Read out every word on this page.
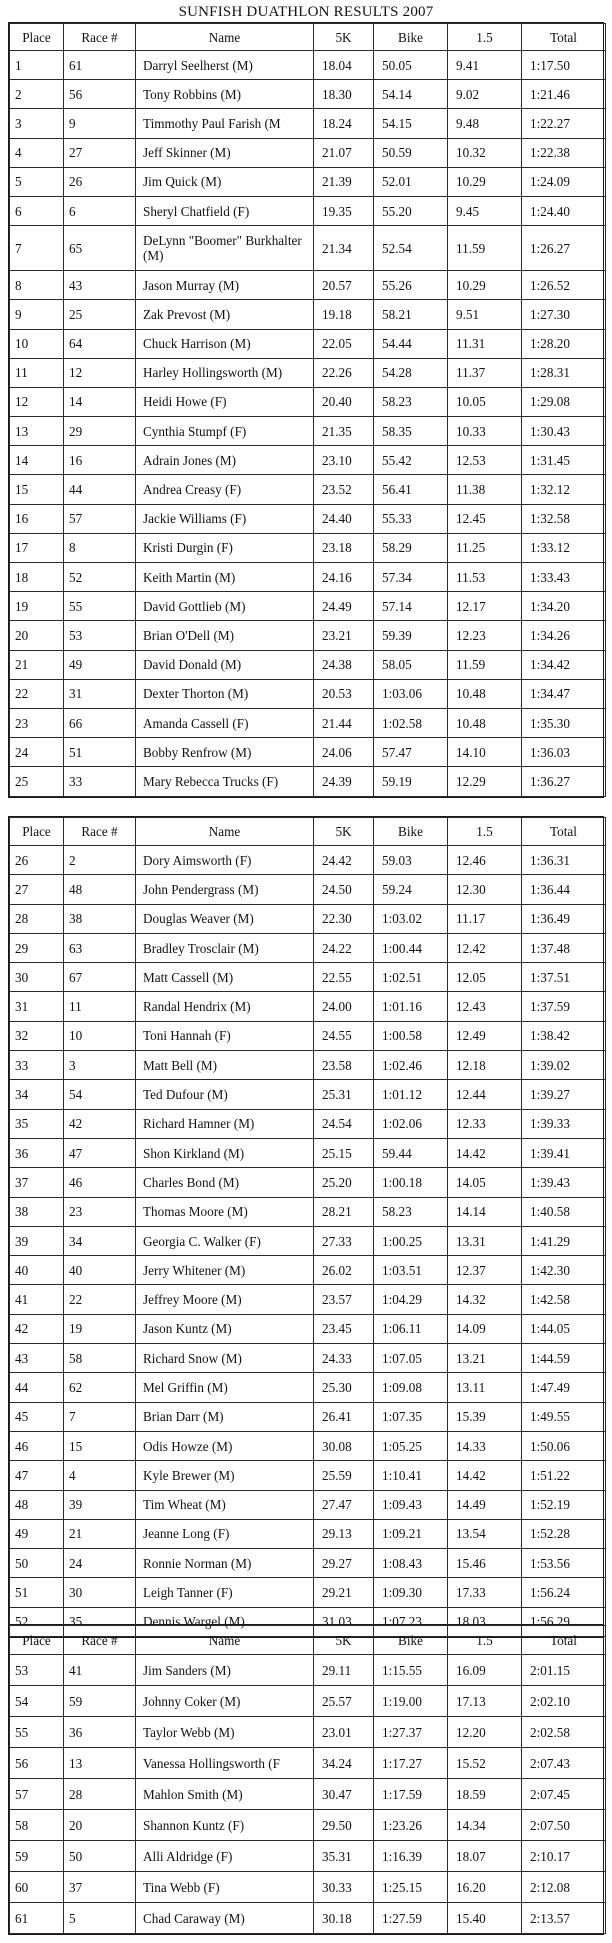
SUNFISH DUATHLON RESULTS 2007
Place	Race #	Name	5K	Bike	1.5	Total
1	61	Darryl Seelherst (M)	18.04	50.05	9.41	1:17.50
2	56	Tony Robbins (M)	18.30	54.14	9.02	1:21.46
3	9	Timmothy Paul Farish (M	18.24	54.15	9.48	1:22.27
4	27	Jeff Skinner (M)	21.07	50.59	10.32	1:22.38
5	26	Jim Quick (M)	21.39	52.01	10.29	1:24.09
6	6	Sheryl Chatfield (F)	19.35	55.20	9.45	1:24.40
7	65	DeLynn "Boomer" Burkhalter (M)	21.34	52.54	11.59	1:26.27
8	43	Jason Murray (M)	20.57	55.26	10.29	1:26.52
9	25	Zak Prevost (M)	19.18	58.21	9.51	1:27.30
10	64	Chuck Harrison (M)	22.05	54.44	11.31	1:28.20
11	12	Harley Hollingsworth (M)	22.26	54.28	11.37	1:28.31
12	14	Heidi Howe (F)	20.40	58.23	10.05	1:29.08
13	29	Cynthia Stumpf (F)	21.35	58.35	10.33	1:30.43
14	16	Adrain Jones (M)	23.10	55.42	12.53	1:31.45
15	44	Andrea Creasy (F)	23.52	56.41	11.38	1:32.12
16	57	Jackie Williams (F)	24.40	55.33	12.45	1:32.58
17	8	Kristi Durgin (F)	23.18	58.29	11.25	1:33.12
18	52	Keith Martin (M)	24.16	57.34	11.53	1:33.43
19	55	David Gottlieb (M)	24.49	57.14	12.17	1:34.20
20	53	Brian O'Dell (M)	23.21	59.39	12.23	1:34.26
21	49	David Donald (M)	24.38	58.05	11.59	1:34.42
22	31	Dexter Thorton (M)	20.53	1:03.06	10.48	1:34.47
23	66	Amanda Cassell (F)	21.44	1:02.58	10.48	1:35.30
24	51	Bobby Renfrow (M)	24.06	57.47	14.10	1:36.03
25	33	Mary Rebecca Trucks (F)	24.39	59.19	12.29	1:36.27
Place	Race #	Name	5K	Bike	1.5	Total
26	2	Dory Aimsworth (F)	24.42	59.03	12.46	1:36.31
27	48	John Pendergrass (M)	24.50	59.24	12.30	1:36.44
28	38	Douglas Weaver (M)	22.30	1:03.02	11.17	1:36.49
29	63	Bradley Trosclair (M)	24.22	1:00.44	12.42	1:37.48
30	67	Matt Cassell (M)	22.55	1:02.51	12.05	1:37.51
31	11	Randal Hendrix (M)	24.00	1:01.16	12.43	1:37.59
32	10	Toni Hannah (F)	24.55	1:00.58	12.49	1:38.42
33	3	Matt Bell (M)	23.58	1:02.46	12.18	1:39.02
34	54	Ted Dufour (M)	25.31	1:01.12	12.44	1:39.27
35	42	Richard Hamner (M)	24.54	1:02.06	12.33	1:39.33
36	47	Shon Kirkland (M)	25.15	59.44	14.42	1:39.41
37	46	Charles Bond (M)	25.20	1:00.18	14.05	1:39.43
38	23	Thomas Moore (M)	28.21	58.23	14.14	1:40.58
39	34	Georgia C. Walker (F)	27.33	1:00.25	13.31	1:41.29
40	40	Jerry Whitener (M)	26.02	1:03.51	12.37	1:42.30
41	22	Jeffrey Moore (M)	23.57	1:04.29	14.32	1:42.58
42	19	Jason Kuntz (M)	23.45	1:06.11	14.09	1:44.05
43	58	Richard Snow (M)	24.33	1:07.05	13.21	1:44.59
44	62	Mel Griffin (M)	25.30	1:09.08	13.11	1:47.49
45	7	Brian Darr (M)	26.41	1:07.35	15.39	1:49.55
46	15	Odis Howze (M)	30.08	1:05.25	14.33	1:50.06
47	4	Kyle Brewer (M)	25.59	1:10.41	14.42	1:51.22
48	39	Tim Wheat (M)	27.47	1:09.43	14.49	1:52.19
49	21	Jeanne Long (F)	29.13	1:09.21	13.54	1:52.28
50	24	Ronnie Norman (M)	29.27	1:08.43	15.46	1:53.56
51	30	Leigh Tanner (F)	29.21	1:09.30	17.33	1:56.24
52	35	Dennis Wargel (M)	31.03	1:07.23	18.03	1:56.29
Place	Race #	Name	5K	Bike	1.5	Total
53	41	Jim Sanders (M)	29.11	1:15.55	16.09	2:01.15
54	59	Johnny Coker (M)	25.57	1:19.00	17.13	2:02.10
55	36	Taylor Webb (M)	23.01	1:27.37	12.20	2:02.58
56	13	Vanessa Hollingsworth (F	34.24	1:17.27	15.52	2:07.43
57	28	Mahlon Smith (M)	30.47	1:17.59	18.59	2:07.45
58	20	Shannon Kuntz (F)	29.50	1:23.26	14.34	2:07.50
59	50	Alli Aldridge (F)	35.31	1:16.39	18.07	2:10.17
60	37	Tina Webb (F)	30.33	1:25.15	16.20	2:12.08
61	5	Chad Caraway (M)	30.18	1:27.59	15.40	2:13.57
